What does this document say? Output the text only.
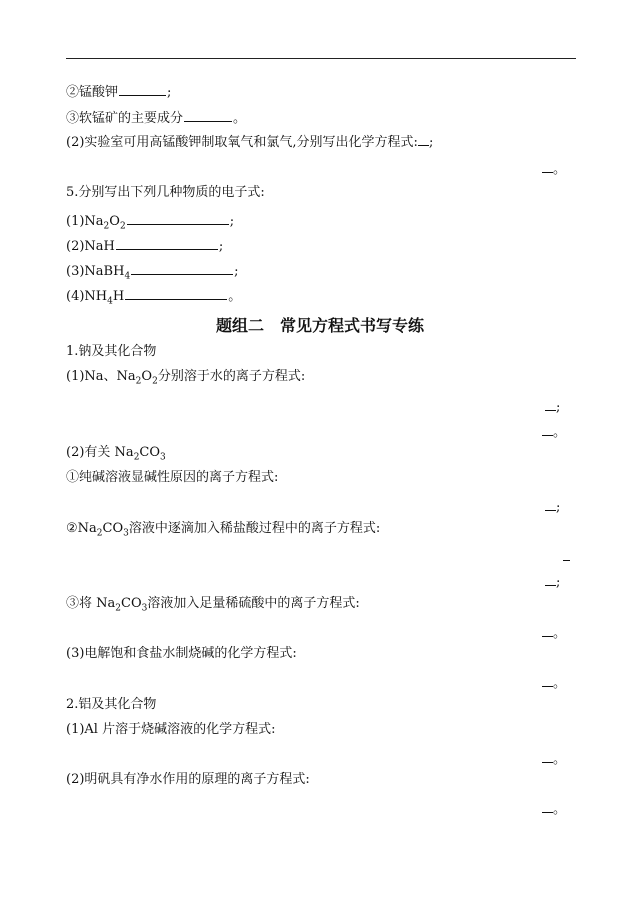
②锰酸钾	;
③软锰矿的主要成分	。
(2)实验室可用高锰酸钾制取氧气和氯气,分别写出化学方程式: ;
。
5.分别写出下列几种物质的电子式:
$(1)Na_2O_2$	;
(2)NaH	;
(3)NaBH$_4$	;
$(4)NH_4H$	。
题组二　常见方程式书写专练
1.钠及其化合物
(1)Na、$Na_2O_2$分别溶于水的离子方程式:
;
。
(2)有关 $Na_2CO_3$
①纯碱溶液显碱性原因的离子方程式:
;
$②Na_2CO_3$溶液中逐滴加入稀盐酸过程中的离子方程式:
;
③将 $Na_2CO_3$溶液加入足量稀硫酸中的离子方程式:
。
(3)电解饱和食盐水制烧碱的化学方程式:
。
2.铝及其化合物
(1)Al 片溶于烧碱溶液的化学方程式:
。
(2)明矾具有净水作用的原理的离子方程式:
。
